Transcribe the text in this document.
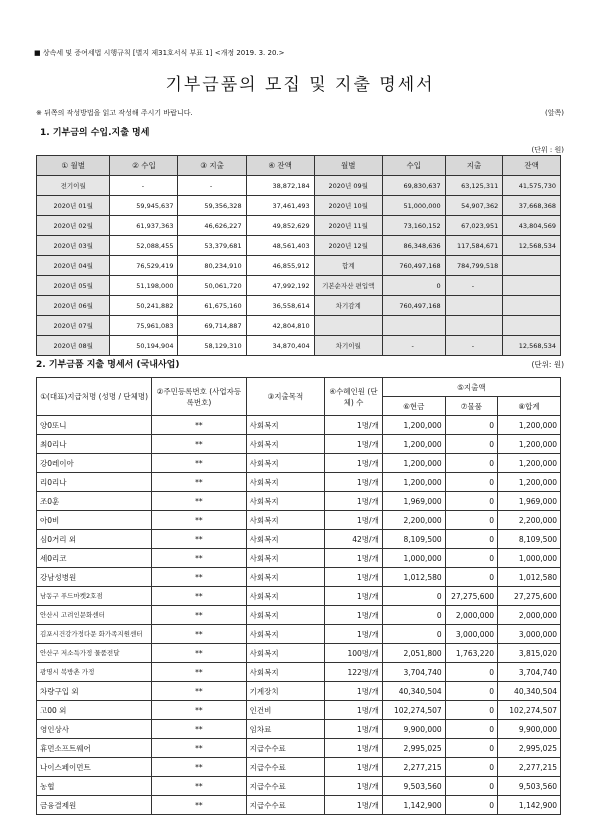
■ 상속세 및 증여세법 시행규칙 [별지 제31호서식 부표 1] <개정 2019. 3. 20.>
기부금품의 모집 및 지출 명세서
※ 뒤쪽의 작성방법을 읽고 작성해 주시기 바랍니다.	(앞쪽)
1. 기부금의 수입.지출 명세
(단위 : 원)
① 월별	② 수입	③ 지출	④ 잔액	월별	수입	지출	잔액
전기이월	-	-	38,872,184	2020년 09월	69,830,637	63,125,311	41,575,730
2020년 01월	59,945,637	59,356,328	37,461,493	2020년 10월	51,000,000	54,907,362	37,668,368
2020년 02월	61,937,363	46,626,227	49,852,629	2020년 11월	73,160,152	67,023,951	43,804,569
2020년 03월	52,088,455	53,379,681	48,561,403	2020년 12월	86,348,636	117,584,671	12,568,534
2020년 04월	76,529,419	80,234,910	46,855,912	합계	760,497,168	784,799,518	
2020년 05월	51,198,000	50,061,720	47,992,192	기본순자산 편입액	0	-	
2020년 06월	50,241,882	61,675,160	36,558,614	차기감계	760,497,168		
2020년 07월	75,961,083	69,714,887	42,804,810				
2020년 08월	50,194,904	58,129,310	34,870,404	차기이월	-	-	12,568,534
2. 기부금품 지출 명세서 (국내사업)	(단위: 원)
①(대표)지급처명 (성명 / 단체명)	②주민등록번호 (사업자등록번호)	③지출목적	④수혜인원 (단체) 수	⑤지출액		
				⑥현금	⑦물품	⑧합계
양0또니	**	사회복지	1명/개	1,200,000	0	1,200,000
최0리나	**	사회복지	1명/개	1,200,000	0	1,200,000
강0레이아	**	사회복지	1명/개	1,200,000	0	1,200,000
리0리나	**	사회복지	1명/개	1,200,000	0	1,200,000
조0훈	**	사회복지	1명/개	1,969,000	0	1,969,000
아0비	**	사회복지	1명/개	2,200,000	0	2,200,000
심0거리 외	**	사회복지	42명/개	8,109,500	0	8,109,500
세0리코	**	사회복지	1명/개	1,000,000	0	1,000,000
강남성병원	**	사회복지	1명/개	1,012,580	0	1,012,580
남동구 푸드마켓2호점	**	사회복지	1명/개	0	27,275,600	27,275,600
안산시 고려인문화센터	**	사회복지	1명/개	0	2,000,000	2,000,000
김포시건강가정다문 화가족지원센터	**	사회복지	1명/개	0	3,000,000	3,000,000
안산구 저소득가정 물품전달	**	사회복지	100명/개	2,051,800	1,763,220	3,815,020
광명시 복방촌 가정	**	사회복지	122명/개	3,704,740	0	3,704,740
차량구입 외	**	기계장치	1명/개	40,340,504	0	40,340,504
고00 외	**	인건비	1명/개	102,274,507	0	102,274,507
영인상사	**	임차료	1명/개	9,900,000	0	9,900,000
휴먼소프트웨어	**	지급수수료	1명/개	2,995,025	0	2,995,025
나이스페이먼트	**	지급수수료	1명/개	2,277,215	0	2,277,215
농협	**	지급수수료	1명/개	9,503,560	0	9,503,560
금융결제원	**	지급수수료	1명/개	1,142,900	0	1,142,900
